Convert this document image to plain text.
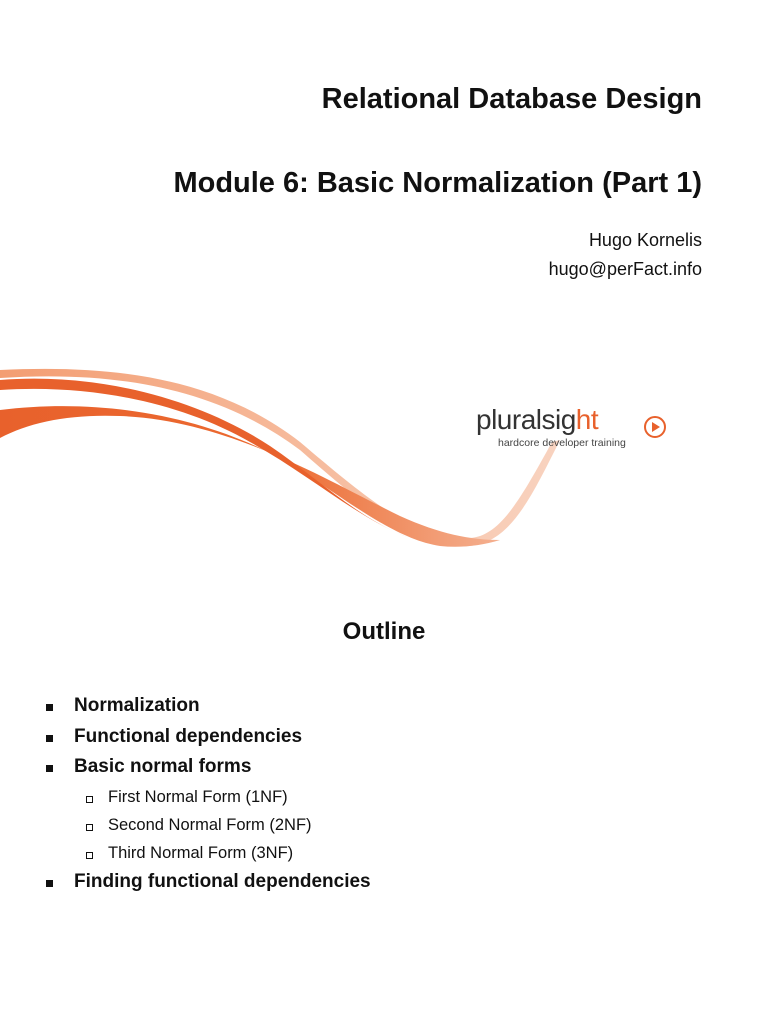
Relational Database Design
Module 6: Basic Normalization (Part 1)
Hugo Kornelis
hugo@perFact.info
pluralsight
hardcore developer training
Outline
Normalization
Functional dependencies
Basic normal forms
First Normal Form (1NF)
Second Normal Form (2NF)
Third Normal Form (3NF)
Finding functional dependencies
